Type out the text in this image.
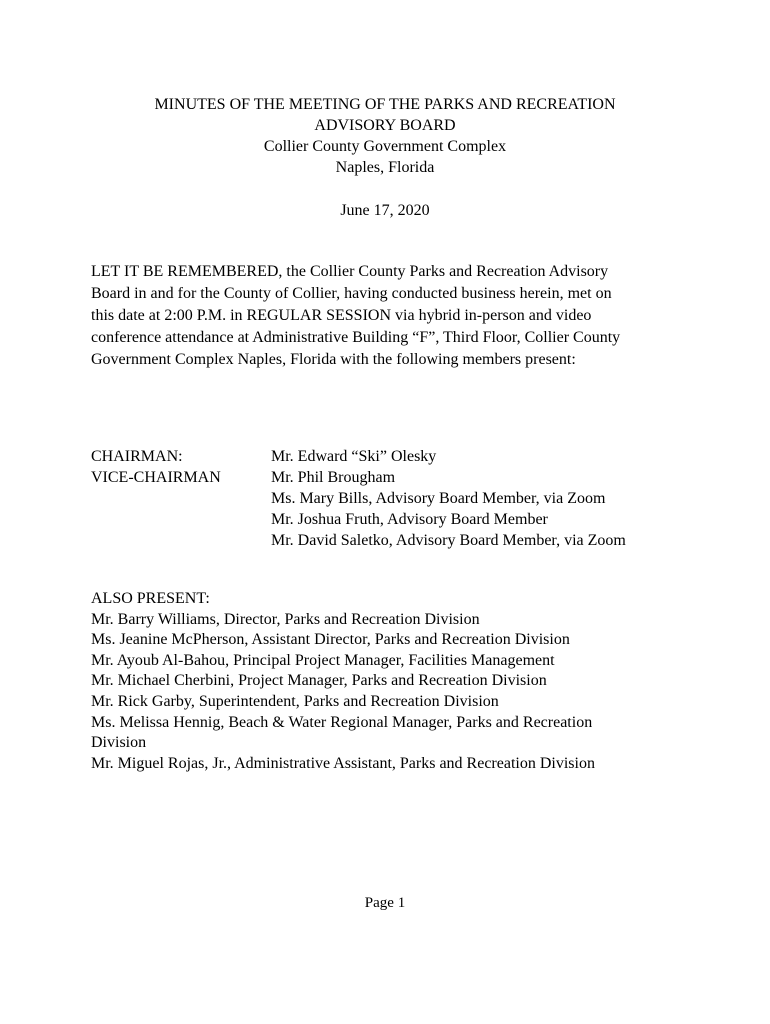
MINUTES OF THE MEETING OF THE PARKS AND RECREATION
ADVISORY BOARD
Collier County Government Complex
Naples, Florida
June 17, 2020
LET IT BE REMEMBERED, the Collier County Parks and Recreation Advisory
Board in and for the County of Collier, having conducted business herein, met on
this date at 2:00 P.M. in REGULAR SESSION via hybrid in-person and video
conference attendance at Administrative Building “F”, Third Floor, Collier County
Government Complex Naples, Florida with the following members present:
CHAIRMAN:	Mr. Edward “Ski” Olesky
VICE-CHAIRMAN	Mr. Phil Brougham
Ms. Mary Bills, Advisory Board Member, via Zoom
Mr. Joshua Fruth, Advisory Board Member
Mr. David Saletko, Advisory Board Member, via Zoom
ALSO PRESENT:
Mr. Barry Williams, Director, Parks and Recreation Division
Ms. Jeanine McPherson, Assistant Director, Parks and Recreation Division
Mr. Ayoub Al-Bahou, Principal Project Manager, Facilities Management
Mr. Michael Cherbini, Project Manager, Parks and Recreation Division
Mr. Rick Garby, Superintendent, Parks and Recreation Division
Ms. Melissa Hennig, Beach & Water Regional Manager, Parks and Recreation
Division
Mr. Miguel Rojas, Jr., Administrative Assistant, Parks and Recreation Division
Page 1
